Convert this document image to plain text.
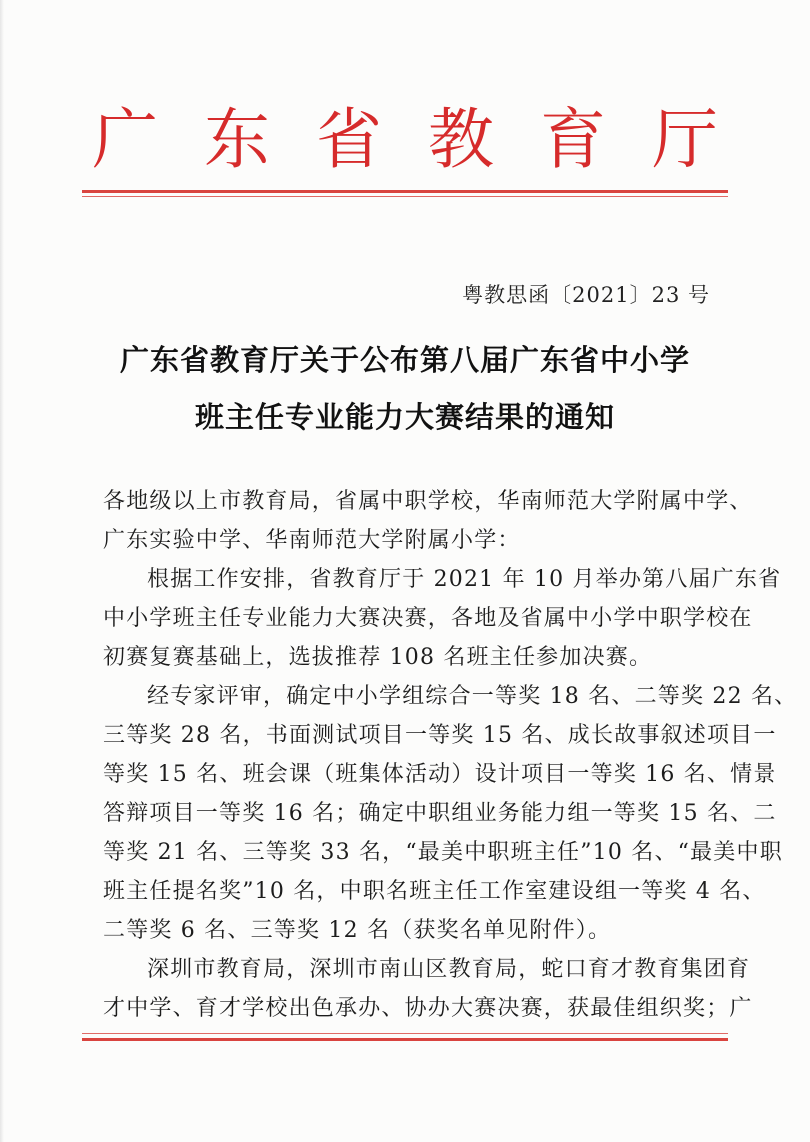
广 东 省 教 育 厅
粤教思函〔2021〕23 号
广东省教育厅关于公布第八届广东省中小学
班主任专业能力大赛结果的通知
各地级以上市教育局，省属中职学校，华南师范大学附属中学、
广东实验中学、华南师范大学附属小学：
根据工作安排，省教育厅于 2021 年 10 月举办第八届广东省
中小学班主任专业能力大赛决赛，各地及省属中小学中职学校在
初赛复赛基础上，选拔推荐 108 名班主任参加决赛。
经专家评审，确定中小学组综合一等奖 18 名、二等奖 22 名、
三等奖 28 名，书面测试项目一等奖 15 名、成长故事叙述项目一
等奖 15 名、班会课（班集体活动）设计项目一等奖 16 名、情景
答辩项目一等奖 16 名；确定中职组业务能力组一等奖 15 名、二
等奖 21 名、三等奖 33 名，“最美中职班主任”10 名、“最美中职
班主任提名奖”10 名，中职名班主任工作室建设组一等奖 4 名、
二等奖 6 名、三等奖 12 名（获奖名单见附件）。
深圳市教育局，深圳市南山区教育局，蛇口育才教育集团育
才中学、育才学校出色承办、协办大赛决赛，获最佳组织奖；广
